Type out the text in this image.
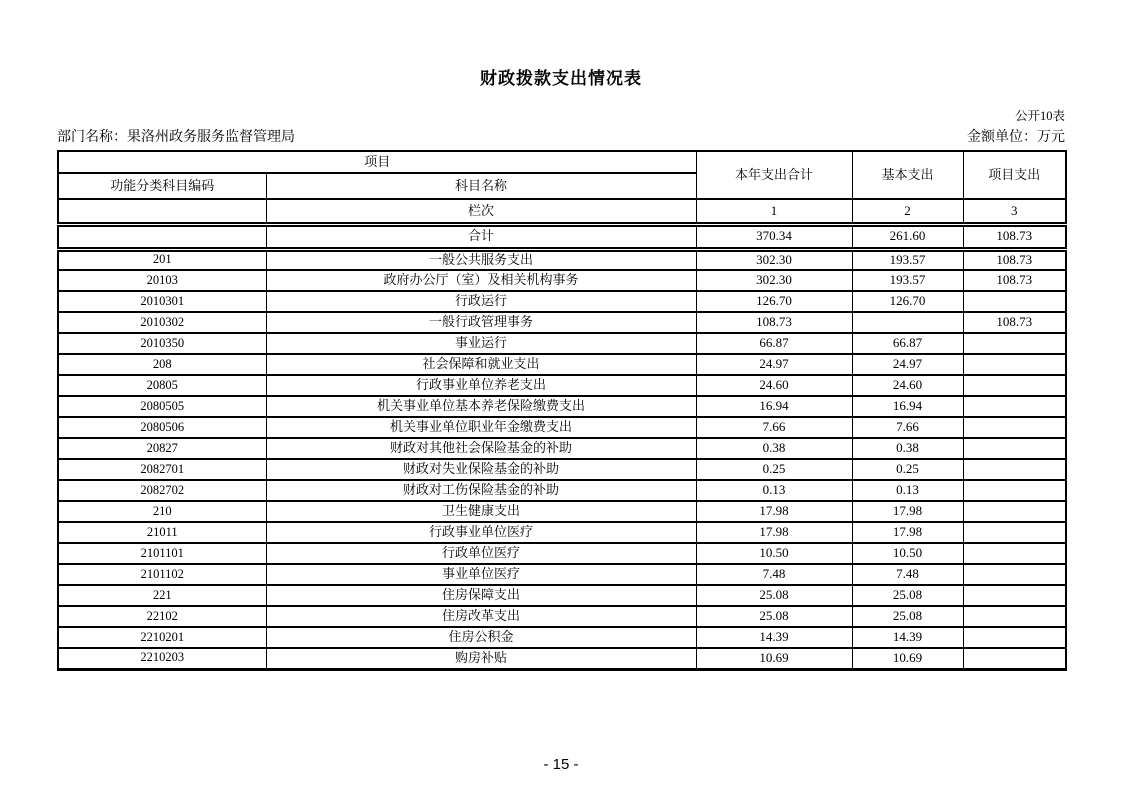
财政拨款支出情况表
公开10表
部门名称：果洛州政务服务监督管理局	金额单位：万元
项目		本年支出合计	基本支出	项目支出
功能分类科目编码	科目名称			
	栏次	1	2	3
	合计	370.34	261.60	108.73
201	一般公共服务支出	302.30	193.57	108.73
20103	政府办公厅（室）及相关机构事务	302.30	193.57	108.73
2010301	行政运行	126.70	126.70	
2010302	一般行政管理事务	108.73		108.73
2010350	事业运行	66.87	66.87	
208	社会保障和就业支出	24.97	24.97	
20805	行政事业单位养老支出	24.60	24.60	
2080505	机关事业单位基本养老保险缴费支出	16.94	16.94	
2080506	机关事业单位职业年金缴费支出	7.66	7.66	
20827	财政对其他社会保险基金的补助	0.38	0.38	
2082701	财政对失业保险基金的补助	0.25	0.25	
2082702	财政对工伤保险基金的补助	0.13	0.13	
210	卫生健康支出	17.98	17.98	
21011	行政事业单位医疗	17.98	17.98	
2101101	行政单位医疗	10.50	10.50	
2101102	事业单位医疗	7.48	7.48	
221	住房保障支出	25.08	25.08	
22102	住房改革支出	25.08	25.08	
2210201	住房公积金	14.39	14.39	
2210203	购房补贴	10.69	10.69	
- 15 -
